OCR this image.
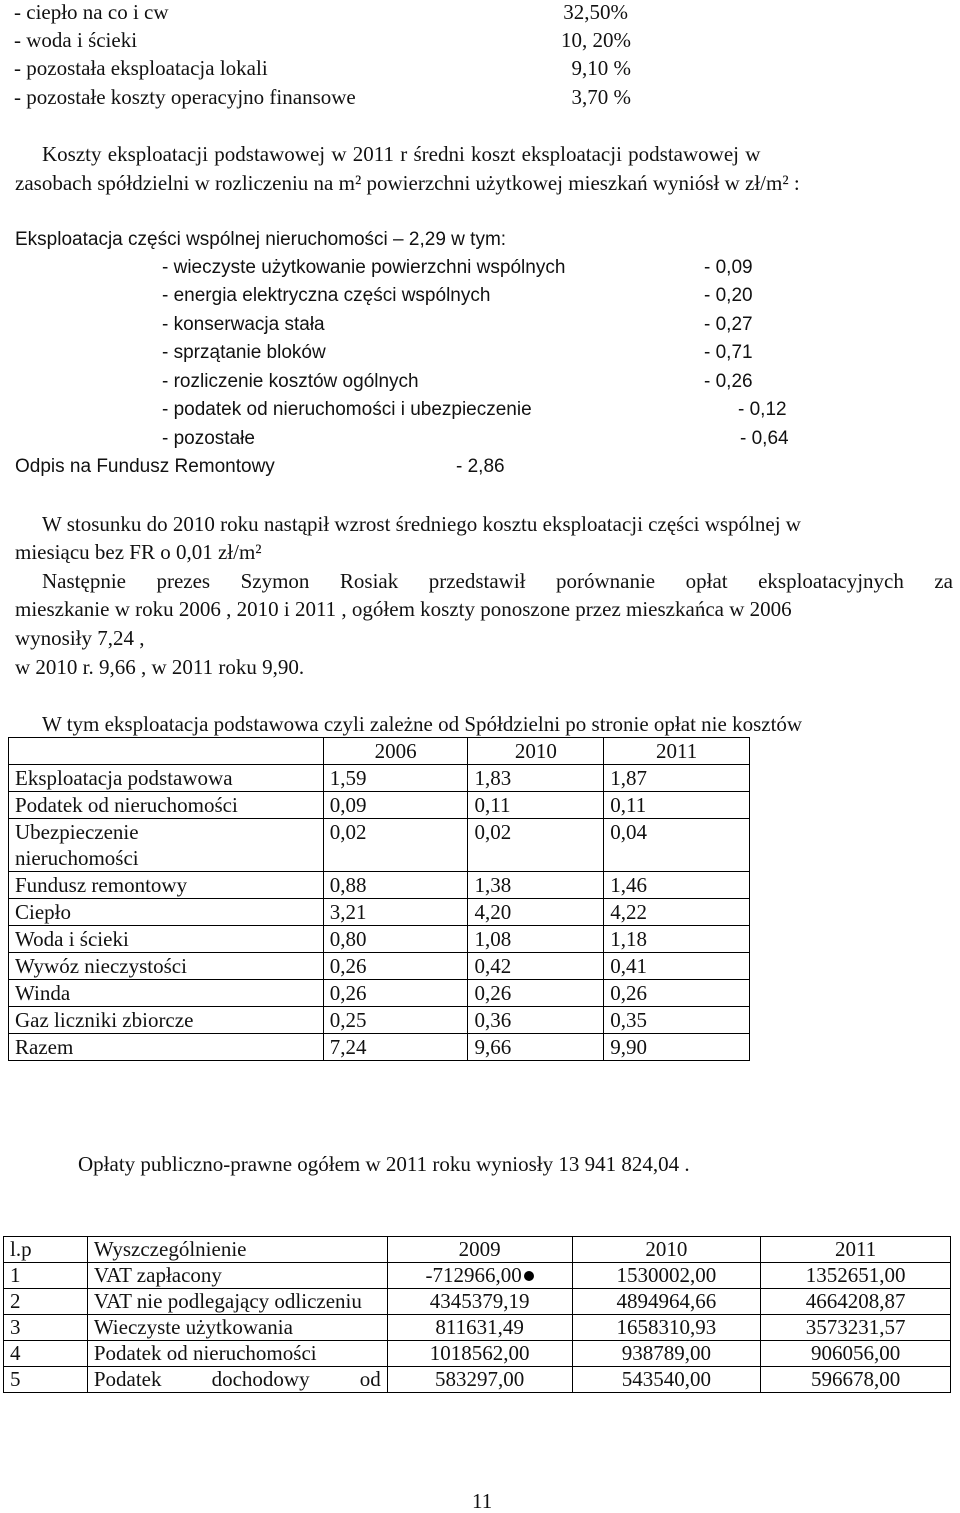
- ciepło na co i cw	32,50%
- woda i ścieki	10, 20%
- pozostała eksploatacja lokali	9,10 %
- pozostałe koszty operacyjno finansowe	3,70 %
Koszty eksploatacji podstawowej w 2011 r średni koszt eksploatacji podstawowej w
zasobach spółdzielni w rozliczeniu na m² powierzchni użytkowej mieszkań wyniósł w zł/m² :
Eksploatacja części wspólnej nieruchomości – 2,29 w tym:
- wieczyste użytkowanie powierzchni wspólnych	- 0,09
- energia elektryczna części wspólnych	- 0,20
- konserwacja stała	- 0,27
- sprzątanie bloków	- 0,71
- rozliczenie kosztów ogólnych	- 0,26
- podatek od nieruchomości i ubezpieczenie	- 0,12
- pozostałe	- 0,64
Odpis na Fundusz Remontowy	- 2,86
W stosunku do 2010 roku nastąpił wzrost średniego kosztu eksploatacji części wspólnej w
miesiącu bez FR o 0,01 zł/m²
Następnie prezes Szymon Rosiak przedstawił porównanie opłat eksploatacyjnych za
mieszkanie w roku 2006 , 2010 i 2011 , ogółem koszty ponoszone przez mieszkańca w 2006
wynosiły 7,24 ,
w 2010 r. 9,66 , w 2011 roku 9,90.
W tym eksploatacja podstawowa czyli zależne od Spółdzielni po stronie opłat nie kosztów
	2006	2010	2011
Eksploatacja podstawowa	1,59	1,83	1,87
Podatek od nieruchomości	0,09	0,11	0,11

Ubezpieczenie nieruchomości	0,02	0,02	0,04
Fundusz remontowy	0,88	1,38	1,46
Ciepło	3,21	4,20	4,22
Woda i ścieki	0,80	1,08	1,18
Wywóz nieczystości	0,26	0,42	0,41
Winda	0,26	0,26	0,26
Gaz liczniki zbiorcze	0,25	0,36	0,35
Razem	7,24	9,66	9,90
Opłaty publiczno-prawne ogółem w 2011 roku wyniosły 13 941 824,04 .
l.p	Wyszczególnienie	2009	2010	2011
1	VAT zapłacony	-712966,00	1530002,00	1352651,00
2	VAT nie podlegający odliczeniu	4345379,19	4894964,66	4664208,87
3	Wieczyste użytkowania	811631,49	1658310,93	3573231,57
4	Podatek od nieruchomości	1018562,00	938789,00	906056,00
5	Podatek dochodowy od	583297,00	543540,00	596678,00
11
